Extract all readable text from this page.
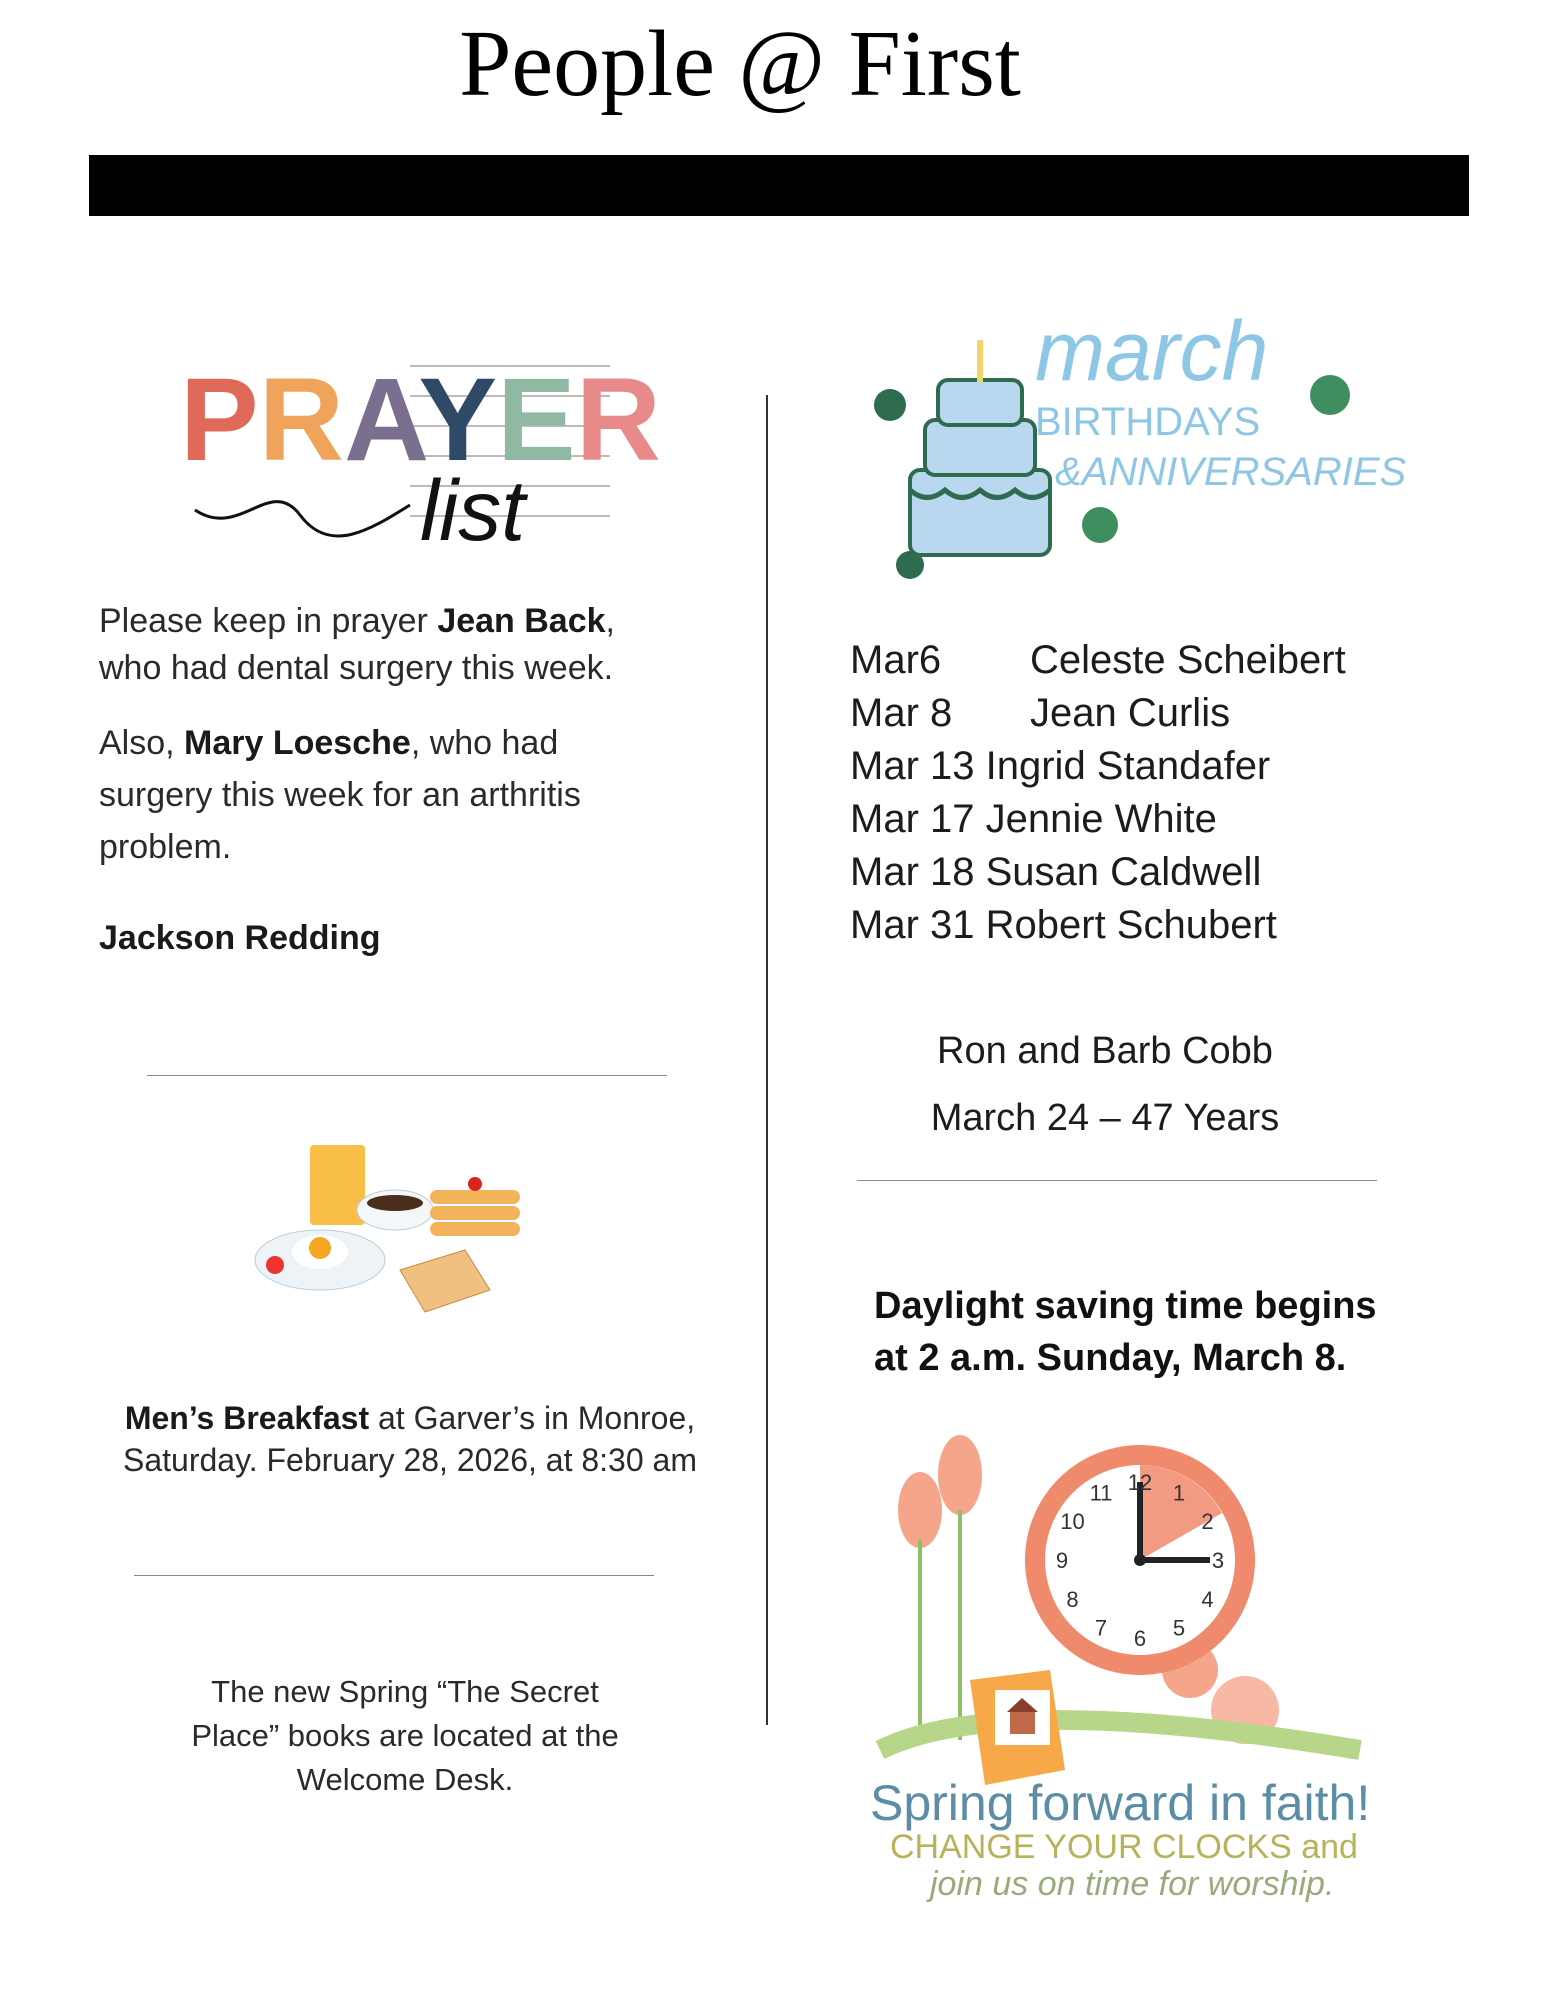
People @ First
PRAYER
list
Please keep in prayer Jean Back,
who had dental surgery this week.
Also, Mary Loesche, who had
surgery this week for an arthritis
problem.
Jackson Redding
Men’s Breakfast at Garver’s in Monroe,
Saturday. February 28, 2026, at 8:30 am
The new Spring “The Secret
Place” books are located at the
Welcome Desk.
march
BIRTHDAYS
&ANNIVERSARIES
Mar6 Celeste Scheibert
Mar 8 Jean Curlis
Mar 13 Ingrid Standafer
Mar 17 Jennie White
Mar 18 Susan Caldwell
Mar 31 Robert Schubert
Ron and Barb Cobb
March 24 – 47 Years
Daylight saving time begins
at 2 a.m. Sunday, March 8.
12 1
2
3
4
5
6
7
8
9
10
11
Spring forward in faith!
CHANGE YOUR CLOCKS and
join us on time for worship.
